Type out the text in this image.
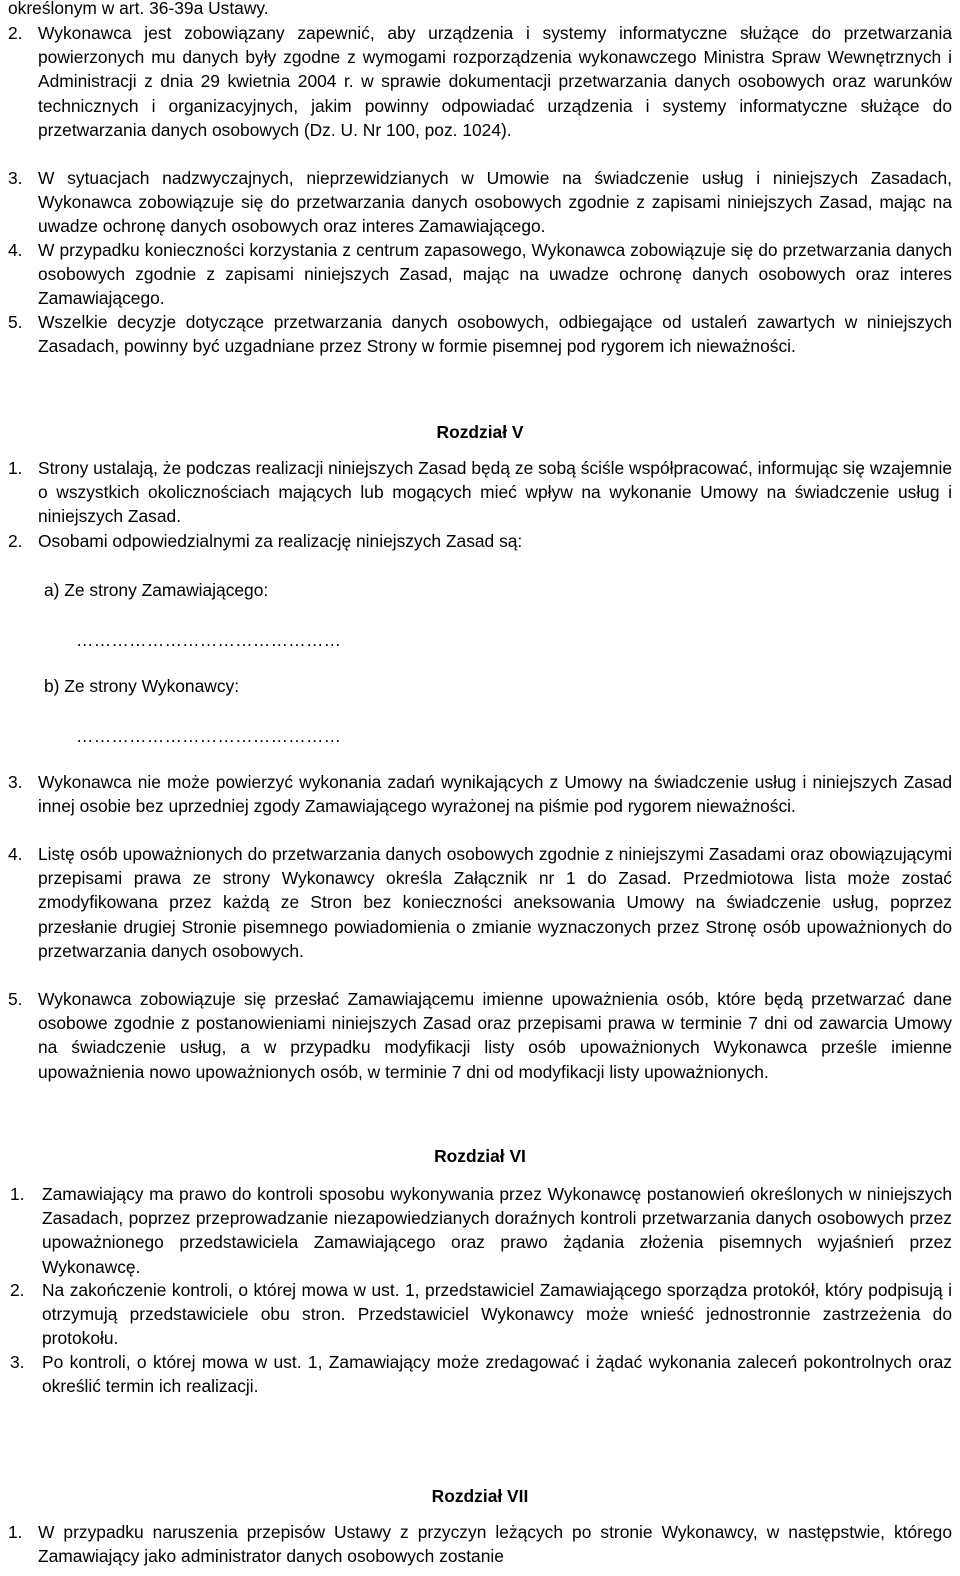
określonym w art. 36-39a Ustawy.
2. Wykonawca jest zobowiązany zapewnić, aby urządzenia i systemy informatyczne służące do przetwarzania powierzonych mu danych były zgodne z wymogami rozporządzenia wykonawczego Ministra Spraw Wewnętrznych i Administracji z dnia 29 kwietnia 2004 r. w sprawie dokumentacji przetwarzania danych osobowych oraz warunków technicznych i organizacyjnych, jakim powinny odpowiadać urządzenia i systemy informatyczne służące do przetwarzania danych osobowych (Dz. U. Nr 100, poz. 1024).
3. W sytuacjach nadzwyczajnych, nieprzewidzianych w Umowie na świadczenie usług i niniejszych Zasadach, Wykonawca zobowiązuje się do przetwarzania danych osobowych zgodnie z zapisami niniejszych Zasad, mając na uwadze ochronę danych osobowych oraz interes Zamawiającego.
4. W przypadku konieczności korzystania z centrum zapasowego, Wykonawca zobowiązuje się do przetwarzania danych osobowych zgodnie z zapisami niniejszych Zasad, mając na uwadze ochronę danych osobowych oraz interes Zamawiającego.
5. Wszelkie decyzje dotyczące przetwarzania danych osobowych, odbiegające od ustaleń zawartych w niniejszych Zasadach, powinny być uzgadniane przez Strony w formie pisemnej pod rygorem ich nieważności.
Rozdział V
1. Strony ustalają, że podczas realizacji niniejszych Zasad będą ze sobą ściśle współpracować, informując się wzajemnie o wszystkich okolicznościach mających lub mogących mieć wpływ na wykonanie Umowy na świadczenie usług i niniejszych Zasad.
2. Osobami odpowiedzialnymi za realizację niniejszych Zasad są:
a) Ze strony Zamawiającego:
………………………………………
b) Ze strony Wykonawcy:
………………………………………
3. Wykonawca nie może powierzyć wykonania zadań wynikających z Umowy na świadczenie usług i niniejszych Zasad innej osobie bez uprzedniej zgody Zamawiającego wyrażonej na piśmie pod rygorem nieważności.
4. Listę osób upoważnionych do przetwarzania danych osobowych zgodnie z niniejszymi Zasadami oraz obowiązującymi przepisami prawa ze strony Wykonawcy określa Załącznik nr 1 do Zasad. Przedmiotowa lista może zostać zmodyfikowana przez każdą ze Stron bez konieczności aneksowania Umowy na świadczenie usług, poprzez przesłanie drugiej Stronie pisemnego powiadomienia o zmianie wyznaczonych przez Stronę osób upoważnionych do przetwarzania danych osobowych.
5. Wykonawca zobowiązuje się przesłać Zamawiającemu imienne upoważnienia osób, które będą przetwarzać dane osobowe zgodnie z postanowieniami niniejszych Zasad oraz przepisami prawa w terminie 7 dni od zawarcia Umowy na świadczenie usług, a w przypadku modyfikacji listy osób upoważnionych Wykonawca prześle imienne upoważnienia nowo upoważnionych osób, w terminie 7 dni od modyfikacji listy upoważnionych.
Rozdział VI
1. Zamawiający ma prawo do kontroli sposobu wykonywania przez Wykonawcę postanowień określonych w niniejszych Zasadach, poprzez przeprowadzanie niezapowiedzianych doraźnych kontroli przetwarzania danych osobowych przez upoważnionego przedstawiciela Zamawiającego oraz prawo żądania złożenia pisemnych wyjaśnień przez Wykonawcę.
2. Na zakończenie kontroli, o której mowa w ust. 1, przedstawiciel Zamawiającego sporządza protokół, który podpisują i otrzymują przedstawiciele obu stron. Przedstawiciel Wykonawcy może wnieść jednostronnie zastrzeżenia do protokołu.
3. Po kontroli, o której mowa w ust. 1, Zamawiający może zredagować i żądać wykonania zaleceń pokontrolnych oraz określić termin ich realizacji.
Rozdział VII
1. W przypadku naruszenia przepisów Ustawy z przyczyn leżących po stronie Wykonawcy, w następstwie, którego Zamawiający jako administrator danych osobowych zostanie
